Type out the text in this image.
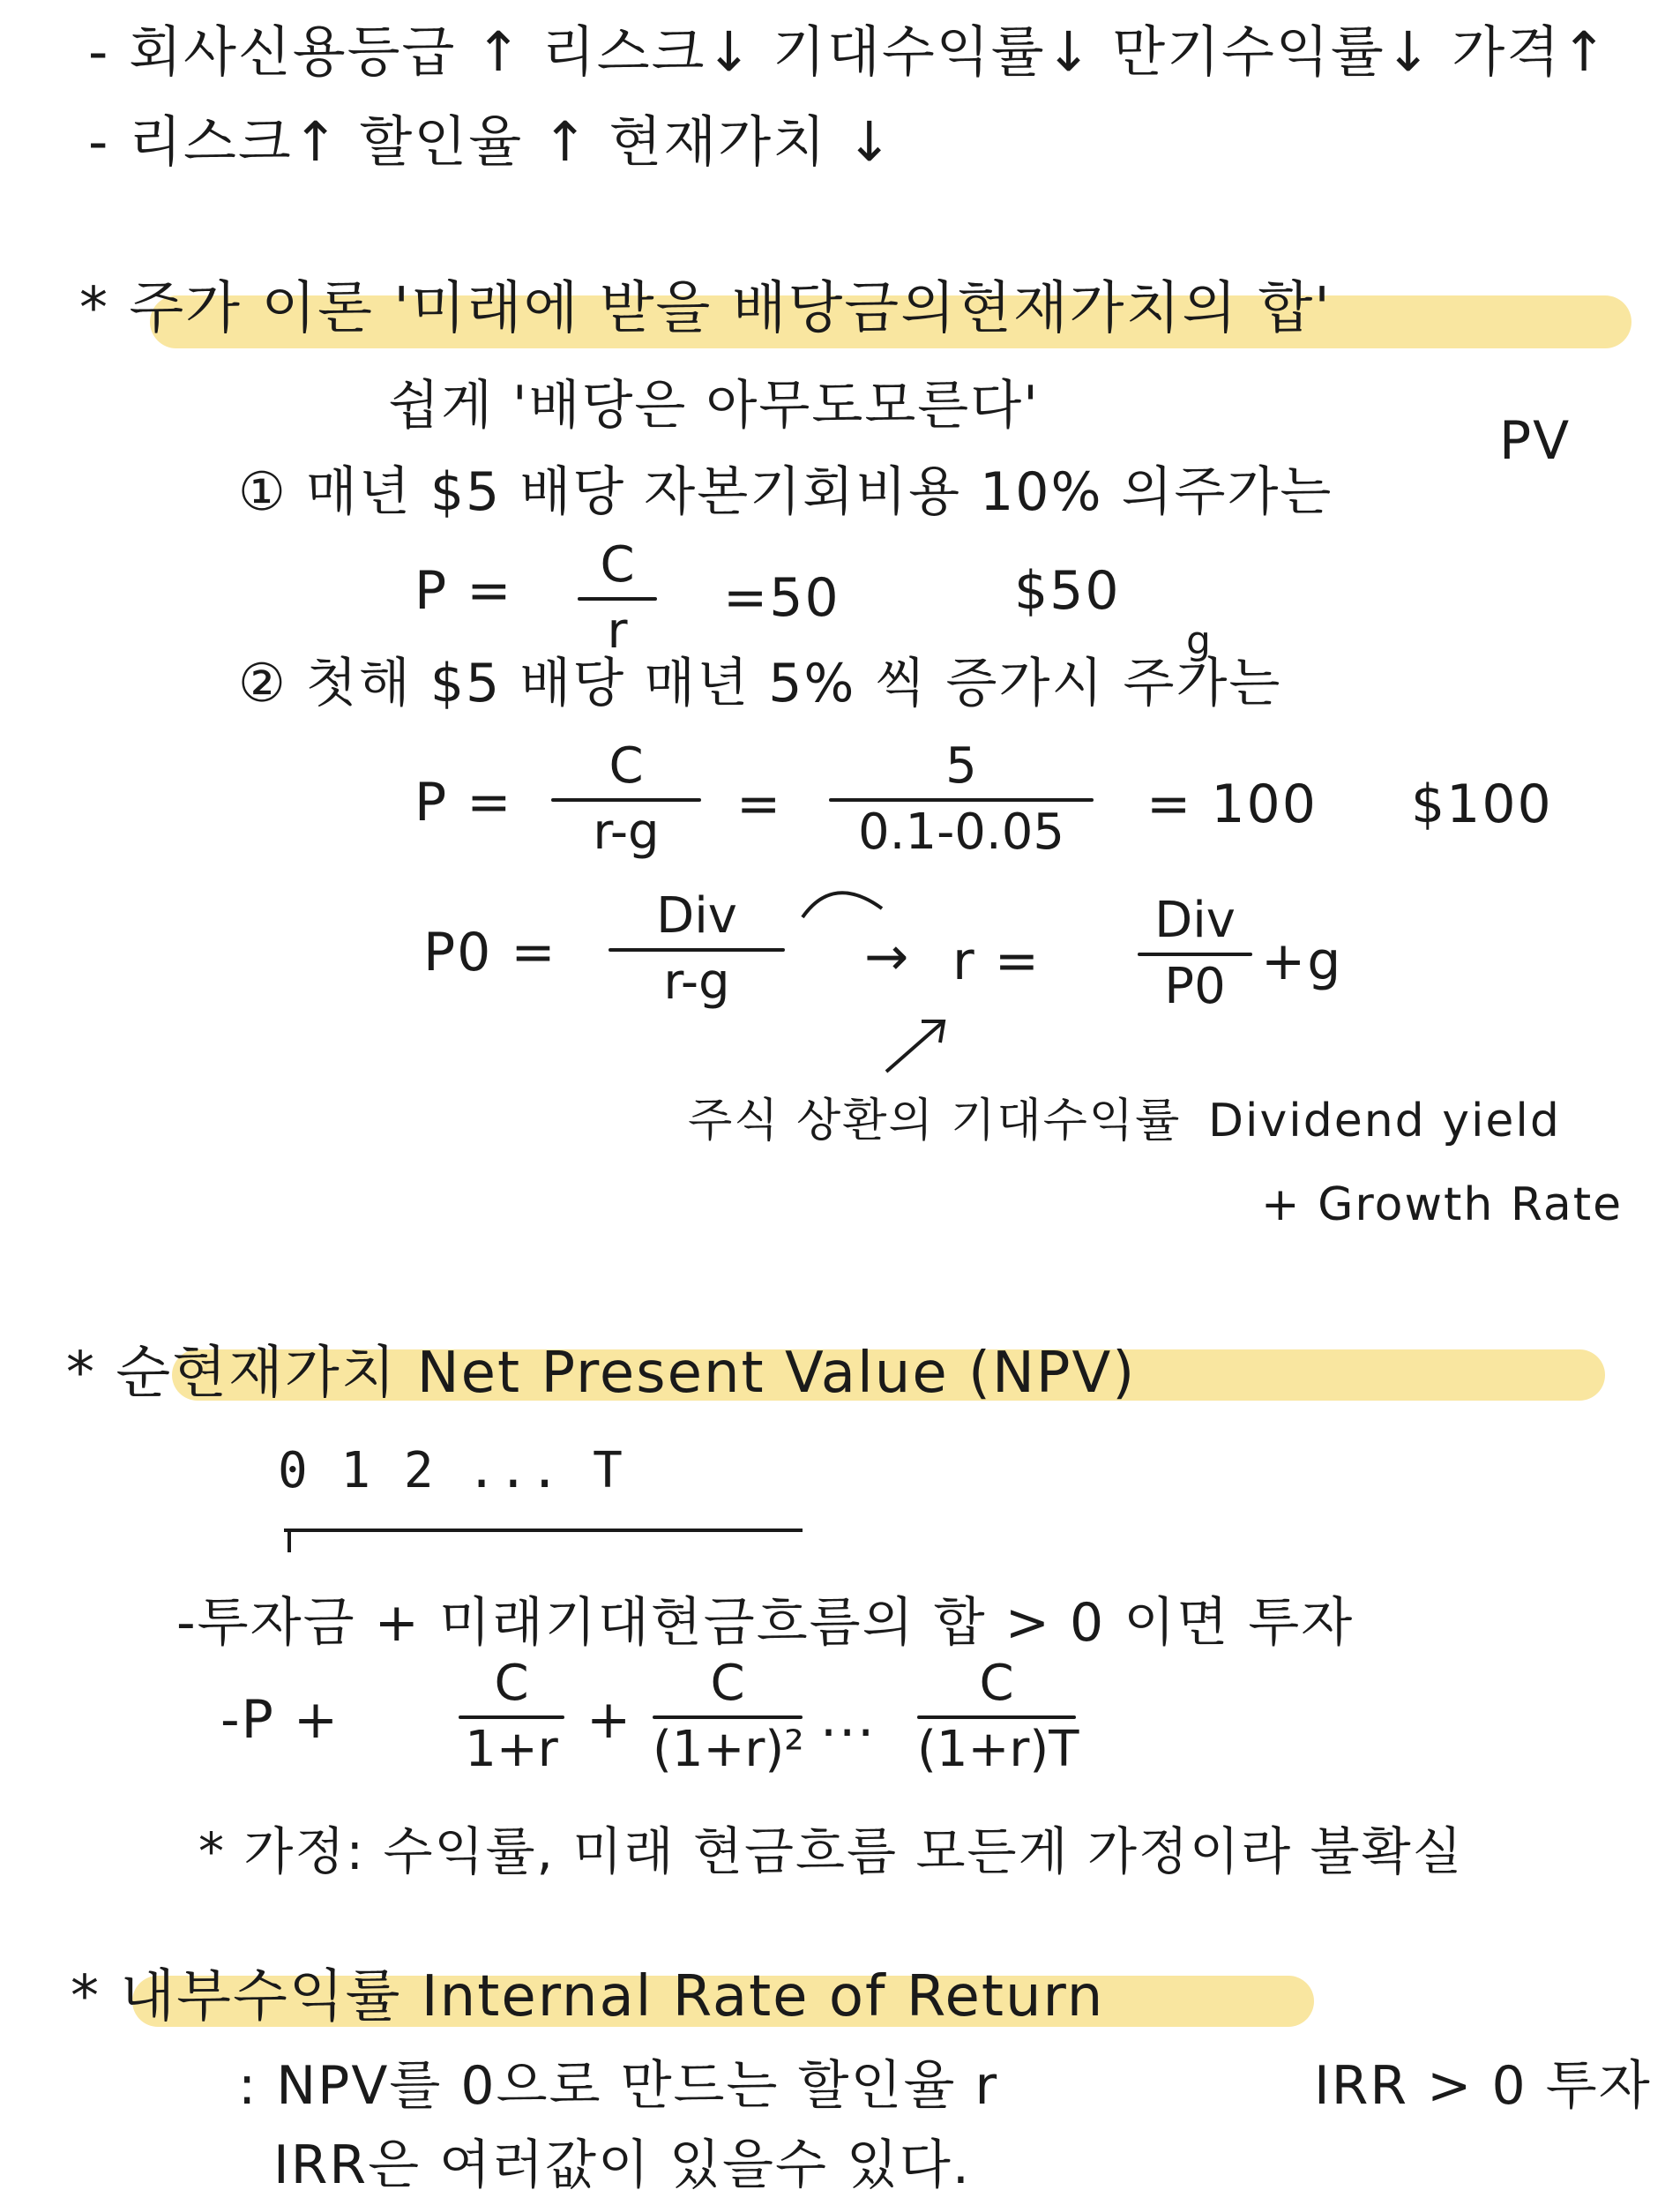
- 회사신용등급 ↑ 리스크↓ 기대수익률↓ 만기수익률↓ 가격↑
- 리스크↑ 할인율 ↑ 현재가치 ↓
* 주가 이론 '미래에 받을 배당금의현재가치의 합'
쉽게 '배당은 아무도모른다'
PV
① 매년 $5 배당 자본기회비용 10% 의주가는
P =	C
r
=50	$50
g
② 첫해 $5 배당 매년 5% 씩 증가시 주가는
P =
C
r-g	=
5
0.1-0.05	= 100 $100
P0 =
Div
r-g	→ r =
Div
P0 +g
주식 상환의 기대수익률 Dividend yield
+ Growth Rate
* 순현재가치 Net Present Value (NPV)
0 1 2 ... T
-투자금 + 미래기대현금흐름의 합 > 0 이면 투자
-P +
C
1+r +
C
(1+r)² ···
C
(1+r)T
* 가정: 수익률, 미래 현금흐름 모든게 가정이라 불확실
* 내부수익률 Internal Rate of Return
: NPV를 0으로 만드는 할인율 r	IRR > 0 투자
IRR은 여러값이 있을수 있다.
